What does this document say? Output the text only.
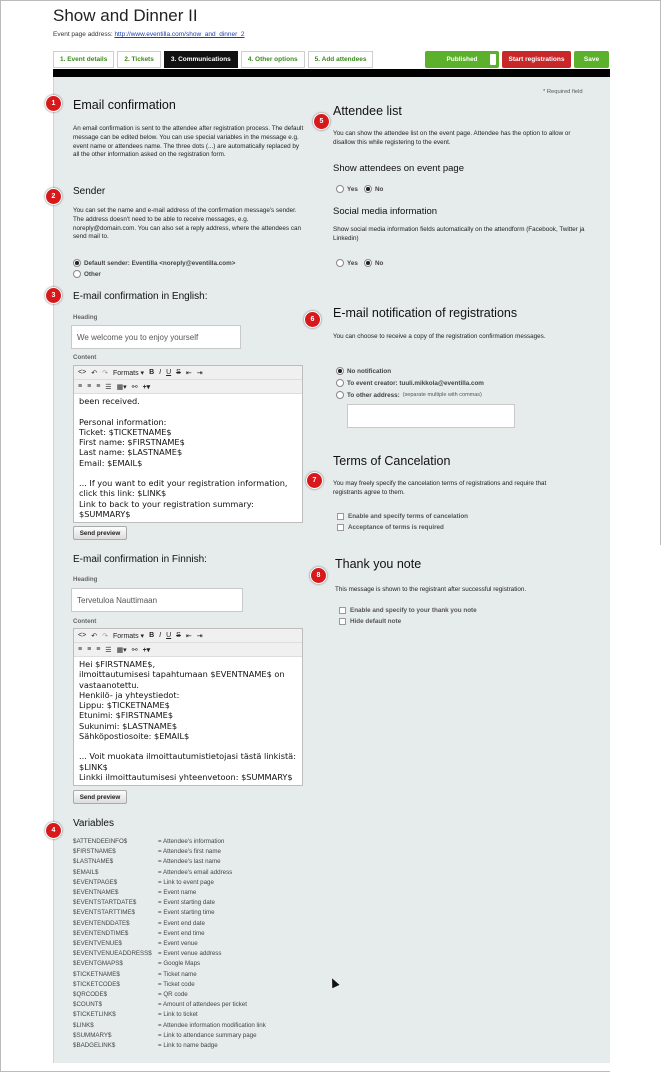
Show and Dinner II
Event page address: http://www.eventilla.com/show_and_dinner_2
1. Event details	2. Tickets	3. Communications	4. Other options	5. Add attendees	Published	Start registrations	Save
* Required field
1	Email confirmation
An email confirmation is sent to the attendee after registration process. The default message can be edited below. You can use special variables in the message e.g. event name or attendees name. The three dots (...) are automatically replaced by all the other information asked on the registration form.
2	Sender
You can set the name and e-mail address of the confirmation message's sender. The address doesn't need to be able to receive messages, e.g. noreply@domain.com. You can also set a reply address, where the attendees can send mail to.
Default sender: Eventilla <noreply@eventilla.com>
Other
3	E-mail confirmation in English:
Heading
We welcome you to enjoy yourself
Content
<> ↶ ↷ Formats ▾ B I U S ⇤ ⇥
≡ ≡ ≡ ☰ ▦▾ ⚯ +▾
been received.

Personal information:
Ticket: $TICKETNAME$
First name: $FIRSTNAME$
Last name: $LASTNAME$
Email: $EMAIL$

... If you want to edit your registration information, click this link: $LINK$
Link to back to your registration summary: $SUMMARY$
Send preview
E-mail confirmation in Finnish:
Heading
Tervetuloa Nauttimaan
Content
<> ↶ ↷ Formats ▾ B I U S ⇤ ⇥
≡ ≡ ≡ ☰ ▦▾ ⚯ +▾
Hei $FIRSTNAME$,
ilmoittautumisesi tapahtumaan $EVENTNAME$ on vastaanotettu.
Henkilö- ja yhteystiedot:
Lippu: $TICKETNAME$
Etunimi: $FIRSTNAME$
Sukunimi: $LASTNAME$
Sähköpostiosoite: $EMAIL$

... Voit muokata ilmoittautumistietojasi tästä linkistä: $LINK$
Linkki ilmoittautumisesi yhteenvetoon: $SUMMARY$
Send preview
4
Variables
$ATTENDEEINFO$	= Attendee's information
$FIRSTNAME$	= Attendee's first name
$LASTNAME$	= Attendee's last name
$EMAIL$	= Attendee's email address
$EVENTPAGE$	= Link to event page
$EVENTNAME$	= Event name
$EVENTSTARTDATE$	= Event starting date
$EVENTSTARTTIME$	= Event starting time
$EVENTENDDATE$	= Event end date
$EVENTENDTIME$	= Event end time
$EVENTVENUE$	= Event venue
$EVENTVENUEADDRESS$	= Event venue address
$EVENTGMAPS$	= Google Maps
$TICKETNAME$	= Ticket name
$TICKETCODE$	= Ticket code
$QRCODE$	= QR code
$COUNT$	= Amount of attendees per ticket
$TICKETLINK$	= Link to ticket
$LINK$	= Attendee information modification link
$SUMMARY$	= Link to attendance summary page
$BADGELINK$	= Link to name badge
5
Attendee list
You can show the attendee list on the event page. Attendee has the option to allow or disallow this while registering to the event.
Show attendees on event page
Yes	No
Social media information
Show social media information fields automatically on the attendform (Facebook, Twitter ja Linkedin)
Yes	No
6	E-mail notification of registrations
You can choose to receive a copy of the registration confirmation messages.
No notification
To event creator: tuuli.mikkola@eventilla.com
To other address: (separate multiple with commas)
7
Terms of Cancelation
You may freely specify the cancelation terms of registrations and require that registrants agree to them.
Enable and specify terms of cancelation
Acceptance of terms is required
8
Thank you note
This message is shown to the registrant after successful registration.
Enable and specify to your thank you note
Hide default note
